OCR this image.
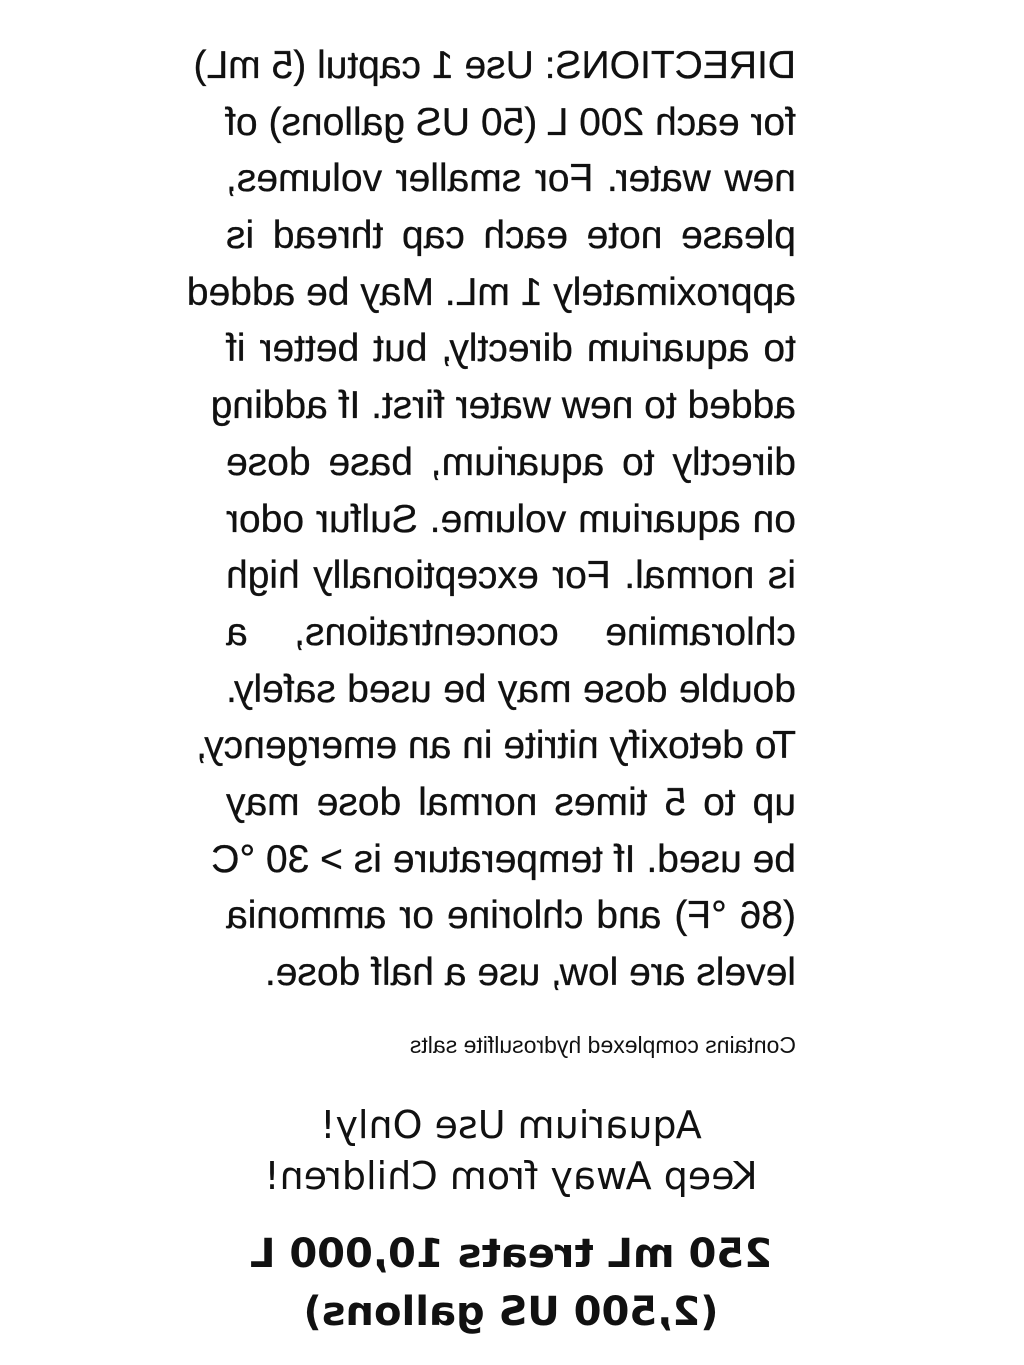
DIRECTIONS: Use 1 captul (5 mL)
for each 200 L (50 US gallons) of
new water. For smaller volumes,
please note each cap thread is
approximately 1 mL. May be added
to aquarium directly, but better if
added to new water first. If adding
directly to aquarium, base dose
on aquarium volume. Sulfur odor
is normal. For exceptionally high
chloramine concentrations, a
double dose may be used safely.
To detoxify nitrite in an emergency,
up to 5 times normal dose may
be used. If temperature is > 30 °C
(86 °F) and chlorine or ammonia
levels are low, use a half dose.
Contains complexed hydrosulfite salts
Aquarium Use Only!
Keep Away from Children!
250 mL treats 10,000 L
(2,500 US gallons)
